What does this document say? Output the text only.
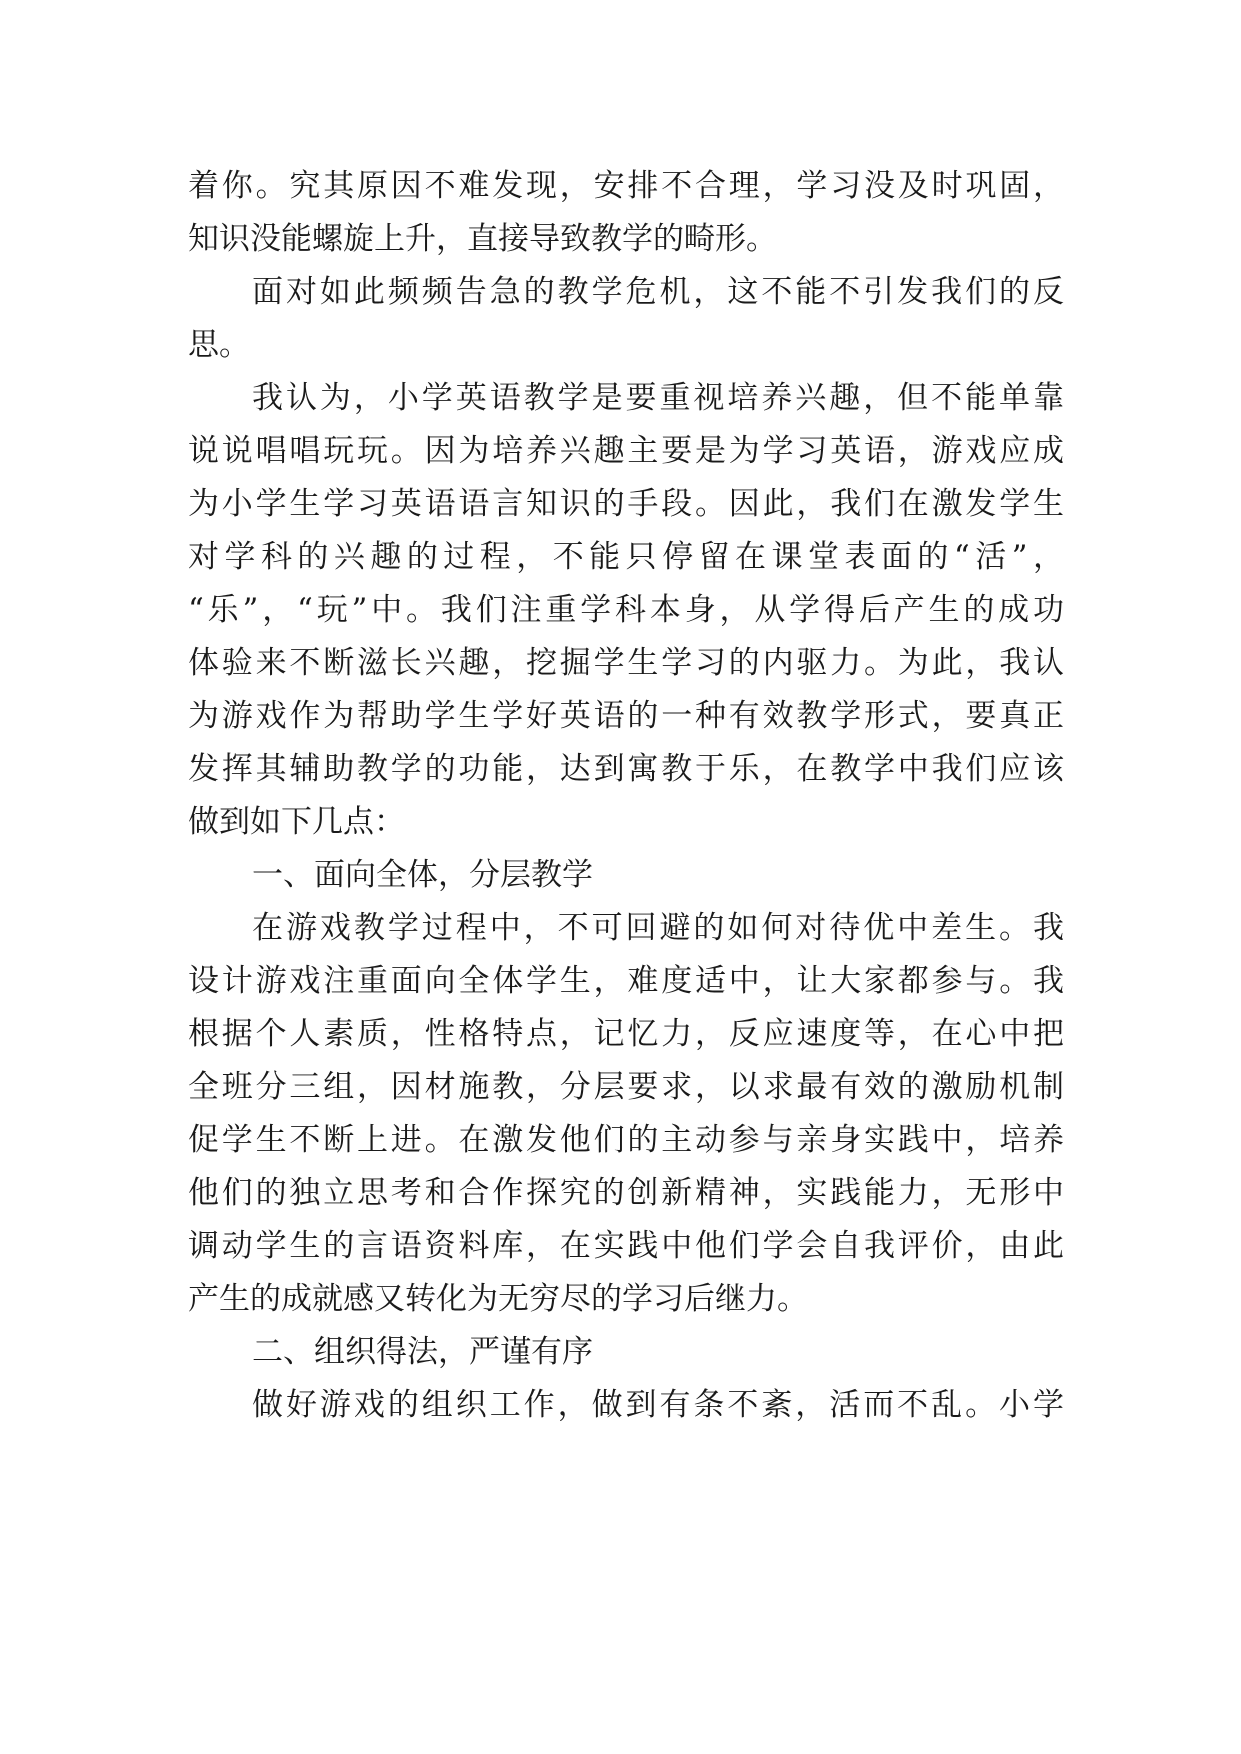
着你。究其原因不难发现，安排不合理，学习没及时巩固，
知识没能螺旋上升，直接导致教学的畸形。
面对如此频频告急的教学危机，这不能不引发我们的反
思。
我认为，小学英语教学是要重视培养兴趣，但不能单靠
说说唱唱玩玩。因为培养兴趣主要是为学习英语，游戏应成
为小学生学习英语语言知识的手段。因此，我们在激发学生
对学科的兴趣的过程，不能只停留在课堂表面的“活”，
“乐”，“玩”中。我们注重学科本身，从学得后产生的成功
体验来不断滋长兴趣，挖掘学生学习的内驱力。为此，我认
为游戏作为帮助学生学好英语的一种有效教学形式，要真正
发挥其辅助教学的功能，达到寓教于乐，在教学中我们应该
做到如下几点：
一、面向全体，分层教学
在游戏教学过程中，不可回避的如何对待优中差生。我
设计游戏注重面向全体学生，难度适中，让大家都参与。我
根据个人素质，性格特点，记忆力，反应速度等，在心中把
全班分三组，因材施教，分层要求，以求最有效的激励机制
促学生不断上进。在激发他们的主动参与亲身实践中，培养
他们的独立思考和合作探究的创新精神，实践能力，无形中
调动学生的言语资料库，在实践中他们学会自我评价，由此
产生的成就感又转化为无穷尽的学习后继力。
二、组织得法，严谨有序
做好游戏的组织工作，做到有条不紊，活而不乱。小学
